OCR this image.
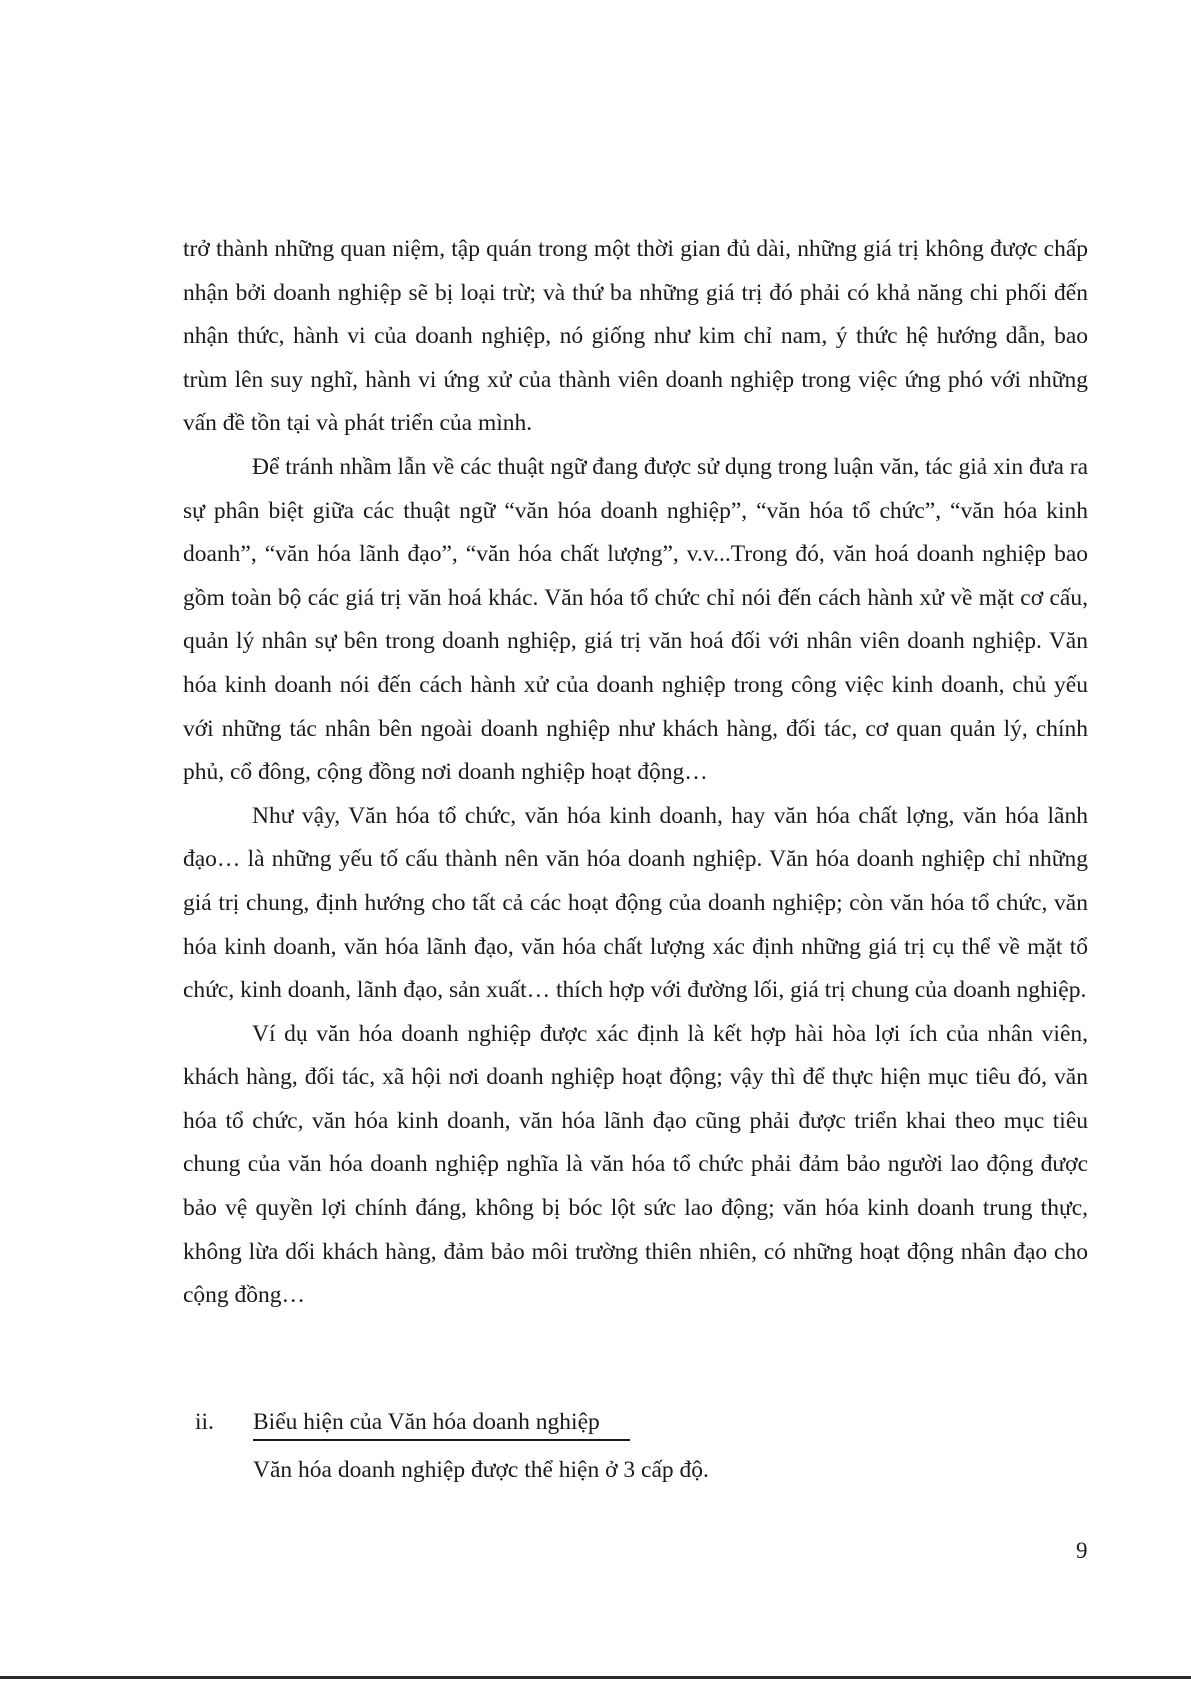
trở thành những quan niệm, tập quán trong một thời gian đủ dài, những giá trị không được chấp nhận bởi doanh nghiệp sẽ bị loại trừ; và thứ ba những giá trị đó phải có khả năng chi phối đến nhận thức, hành vi của doanh nghiệp, nó giống như kim chỉ nam, ý thức hệ hướng dẫn, bao trùm lên suy nghĩ, hành vi ứng xử của thành viên doanh nghiệp trong việc ứng phó với những vấn đề tồn tại và phát triển của mình.

Để tránh nhầm lẫn về các thuật ngữ đang được sử dụng trong luận văn, tác giả xin đưa ra sự phân biệt giữa các thuật ngữ “văn hóa doanh nghiệp”, “văn hóa tổ chức”, “văn hóa kinh doanh”, “văn hóa lãnh đạo”, “văn hóa chất lượng”, v.v...Trong đó, văn hoá doanh nghiệp bao gồm toàn bộ các giá trị văn hoá khác. Văn hóa tổ chức chỉ nói đến cách hành xử về mặt cơ cấu, quản lý nhân sự bên trong doanh nghiệp, giá trị văn hoá đối với nhân viên doanh nghiệp. Văn hóa kinh doanh nói đến cách hành xử của doanh nghiệp trong công việc kinh doanh, chủ yếu với những tác nhân bên ngoài doanh nghiệp như khách hàng, đối tác, cơ quan quản lý, chính phủ, cổ đông, cộng đồng nơi doanh nghiệp hoạt động…

Như vậy, Văn hóa tổ chức, văn hóa kinh doanh, hay văn hóa chất lợng, văn hóa lãnh đạo… là những yếu tố cấu thành nên văn hóa doanh nghiệp. Văn hóa doanh nghiệp chỉ những giá trị chung, định hướng cho tất cả các hoạt động của doanh nghiệp; còn văn hóa tổ chức, văn hóa kinh doanh, văn hóa lãnh đạo, văn hóa chất lượng xác định những giá trị cụ thể về mặt tổ chức, kinh doanh, lãnh đạo, sản xuất… thích hợp với đường lối, giá trị chung của doanh nghiệp.

Ví dụ văn hóa doanh nghiệp được xác định là kết hợp hài hòa lợi ích của nhân viên, khách hàng, đối tác, xã hội nơi doanh nghiệp hoạt động; vậy thì để thực hiện mục tiêu đó, văn hóa tổ chức, văn hóa kinh doanh, văn hóa lãnh đạo cũng phải được triển khai theo mục tiêu chung của văn hóa doanh nghiệp nghĩa là văn hóa tổ chức phải đảm bảo người lao động được bảo vệ quyền lợi chính đáng, không bị bóc lột sức lao động; văn hóa kinh doanh trung thực, không lừa dối khách hàng, đảm bảo môi trường thiên nhiên, có những hoạt động nhân đạo cho cộng đồng…

ii. Biểu hiện của Văn hóa doanh nghiệp
Văn hóa doanh nghiệp được thể hiện ở 3 cấp độ.
9
